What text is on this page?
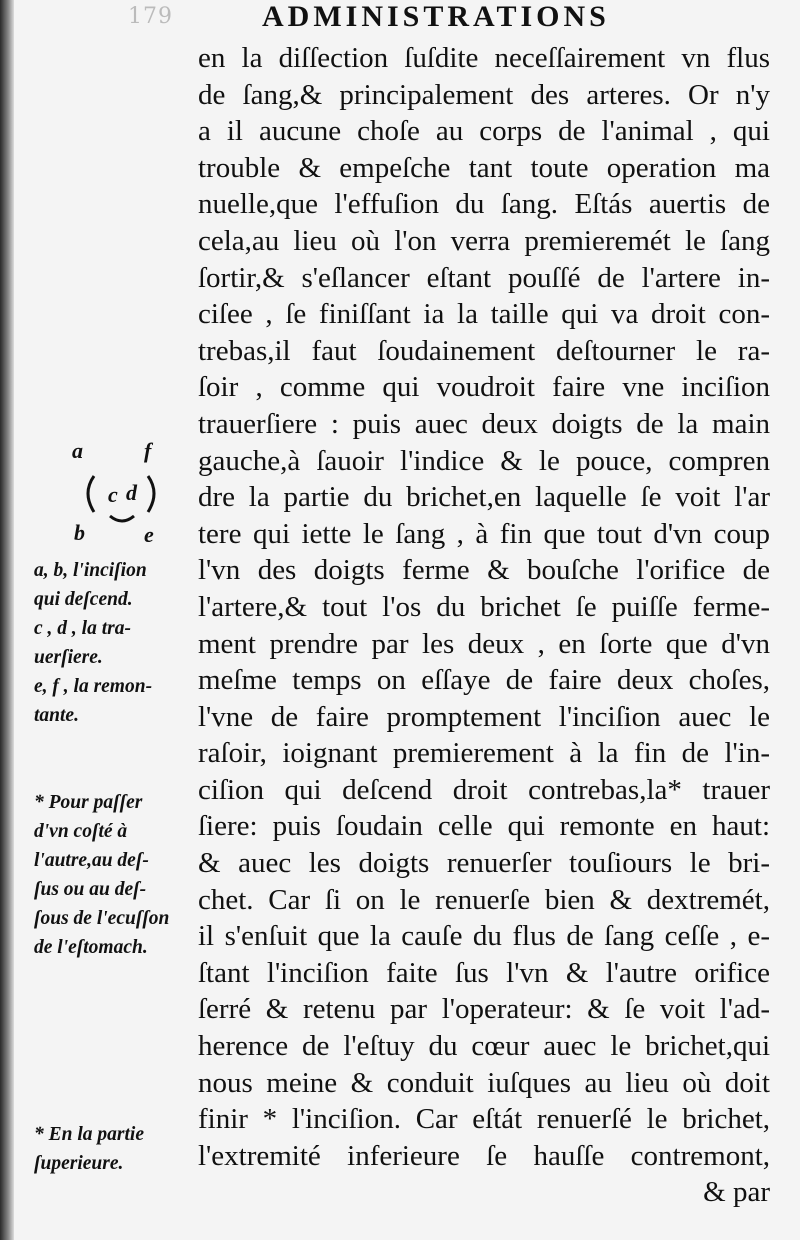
179	ADMINISTRATIONS
en la diſſection ſuſdite neceſſairement vn flus
de ſang,& principalement des arteres. Or n'y
a il aucune choſe au corps de l'animal , qui
trouble & empeſche tant toute operation ma
nuelle,que l'effuſion du ſang. Eſtás auertis de
cela,au lieu où l'on verra premieremét le ſang
ſortir,& s'eſlancer eſtant pouſſé de l'artere in-
ciſee , ſe finiſſant ia la taille qui va droit con-
trebas,il faut ſoudainement deſtourner le ra-
ſoir , comme qui voudroit faire vne inciſion
trauerſiere : puis auec deux doigts de la main
gauche,à ſauoir l'indice & le pouce, compren
dre la partie du brichet,en laquelle ſe voit l'ar
tere qui iette le ſang , à fin que tout d'vn coup
l'vn des doigts ferme & bouſche l'orifice de
l'artere,& tout l'os du brichet ſe puiſſe ferme-
ment prendre par les deux , en ſorte que d'vn
meſme temps on eſſaye de faire deux choſes,
l'vne de faire promptement l'inciſion auec le
raſoir, ioignant premierement à la fin de l'in-
ciſion qui deſcend droit contrebas,la* trauer
ſiere: puis ſoudain celle qui remonte en haut:
& auec les doigts renuerſer touſiours le bri-
chet. Car ſi on le renuerſe bien & dextremét,
il s'enſuit que la cauſe du flus de ſang ceſſe , e-
ſtant l'inciſion faite ſus l'vn & l'autre orifice
ſerré & retenu par l'operateur: & ſe voit l'ad-
herence de l'eſtuy du cœur auec le brichet,qui
nous meine & conduit iuſques au lieu où doit
finir * l'inciſion. Car eſtát renuerſé le brichet,
l'extremité inferieure ſe hauſſe contremont,
& par
a	f
c d
b	e
a, b, l'inciſion
qui deſcend.
c , d , la tra-
uerſiere.
e, f , la remon-
tante.
* Pour paſſer
d'vn coſté à
l'autre,au deſ-
ſus ou au deſ-
ſous de l'ecuſſon
de l'eſtomach.
* En la partie
ſuperieure.
